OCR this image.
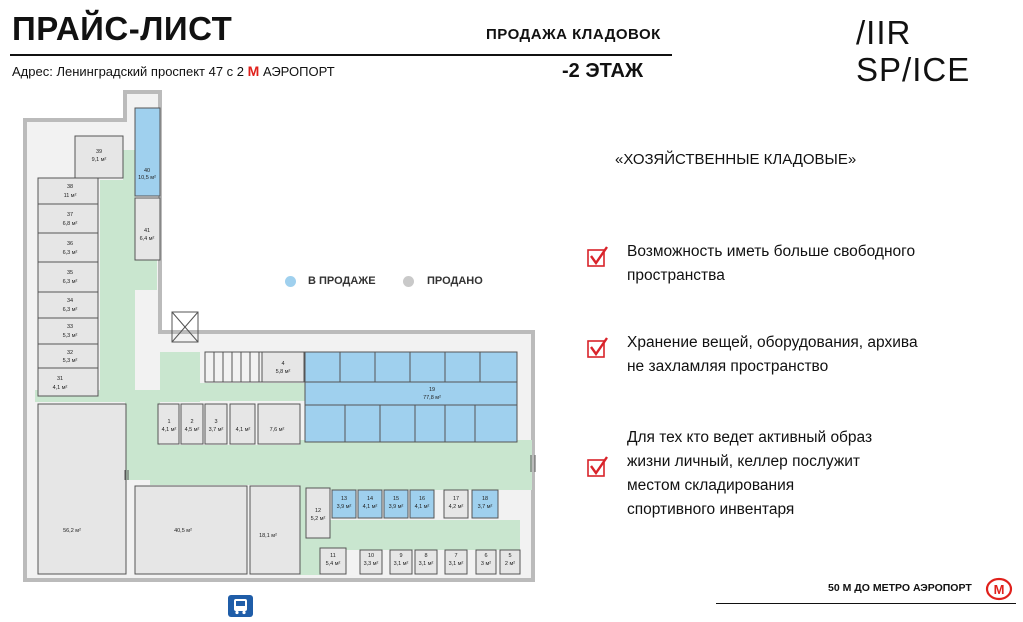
ПРАЙС-ЛИСТ	ПРОДАЖА КЛАДОВОК
Адрес: Ленинградский проспект 47 с 2 М АЭРОПОРТ	-2 ЭТАЖ
/IIR
SP/ICE
В ПРОДАЖЕ	ПРОДАНО
«ХОЗЯЙСТВЕННЫЕ КЛАДОВЫЕ»
Возможность иметь больше свободного
пространства
Хранение вещей, оборудования, архива
не захламляя пространство
Для тех кто ведет активный образ
жизни личный, келлер послужит
местом складирования
спортивного инвентаря
50 М ДО МЕТРО АЭРОПОРТ М
31
4,1 м²
32
5,3 м²
33
5,3 м²
34
6,3 м²
35
6,3 м²
36
6,3 м²
37
6,8 м²
38
11 м²
39
9,1 м²
40
10,5 м²
41
6,4 м²
56,2 м²	40,5 м²
18,1 м²
1
4,1 м²
2
4,5 м²
3
3,7 м² 4,1 м²	7,6 м²
4
5,8 м²
19
77,8 м²
12
5,2 м²
13
3,9 м²
14
4,1 м²
15
3,9 м²
16
4,1 м²
17
4,2 м²
18
3,7 м²
11
5,4 м²
10
3,3 м²
9
3,1 м²
8
3,1 м²
7
3,1 м²
6
3 м²
5
2 м²
